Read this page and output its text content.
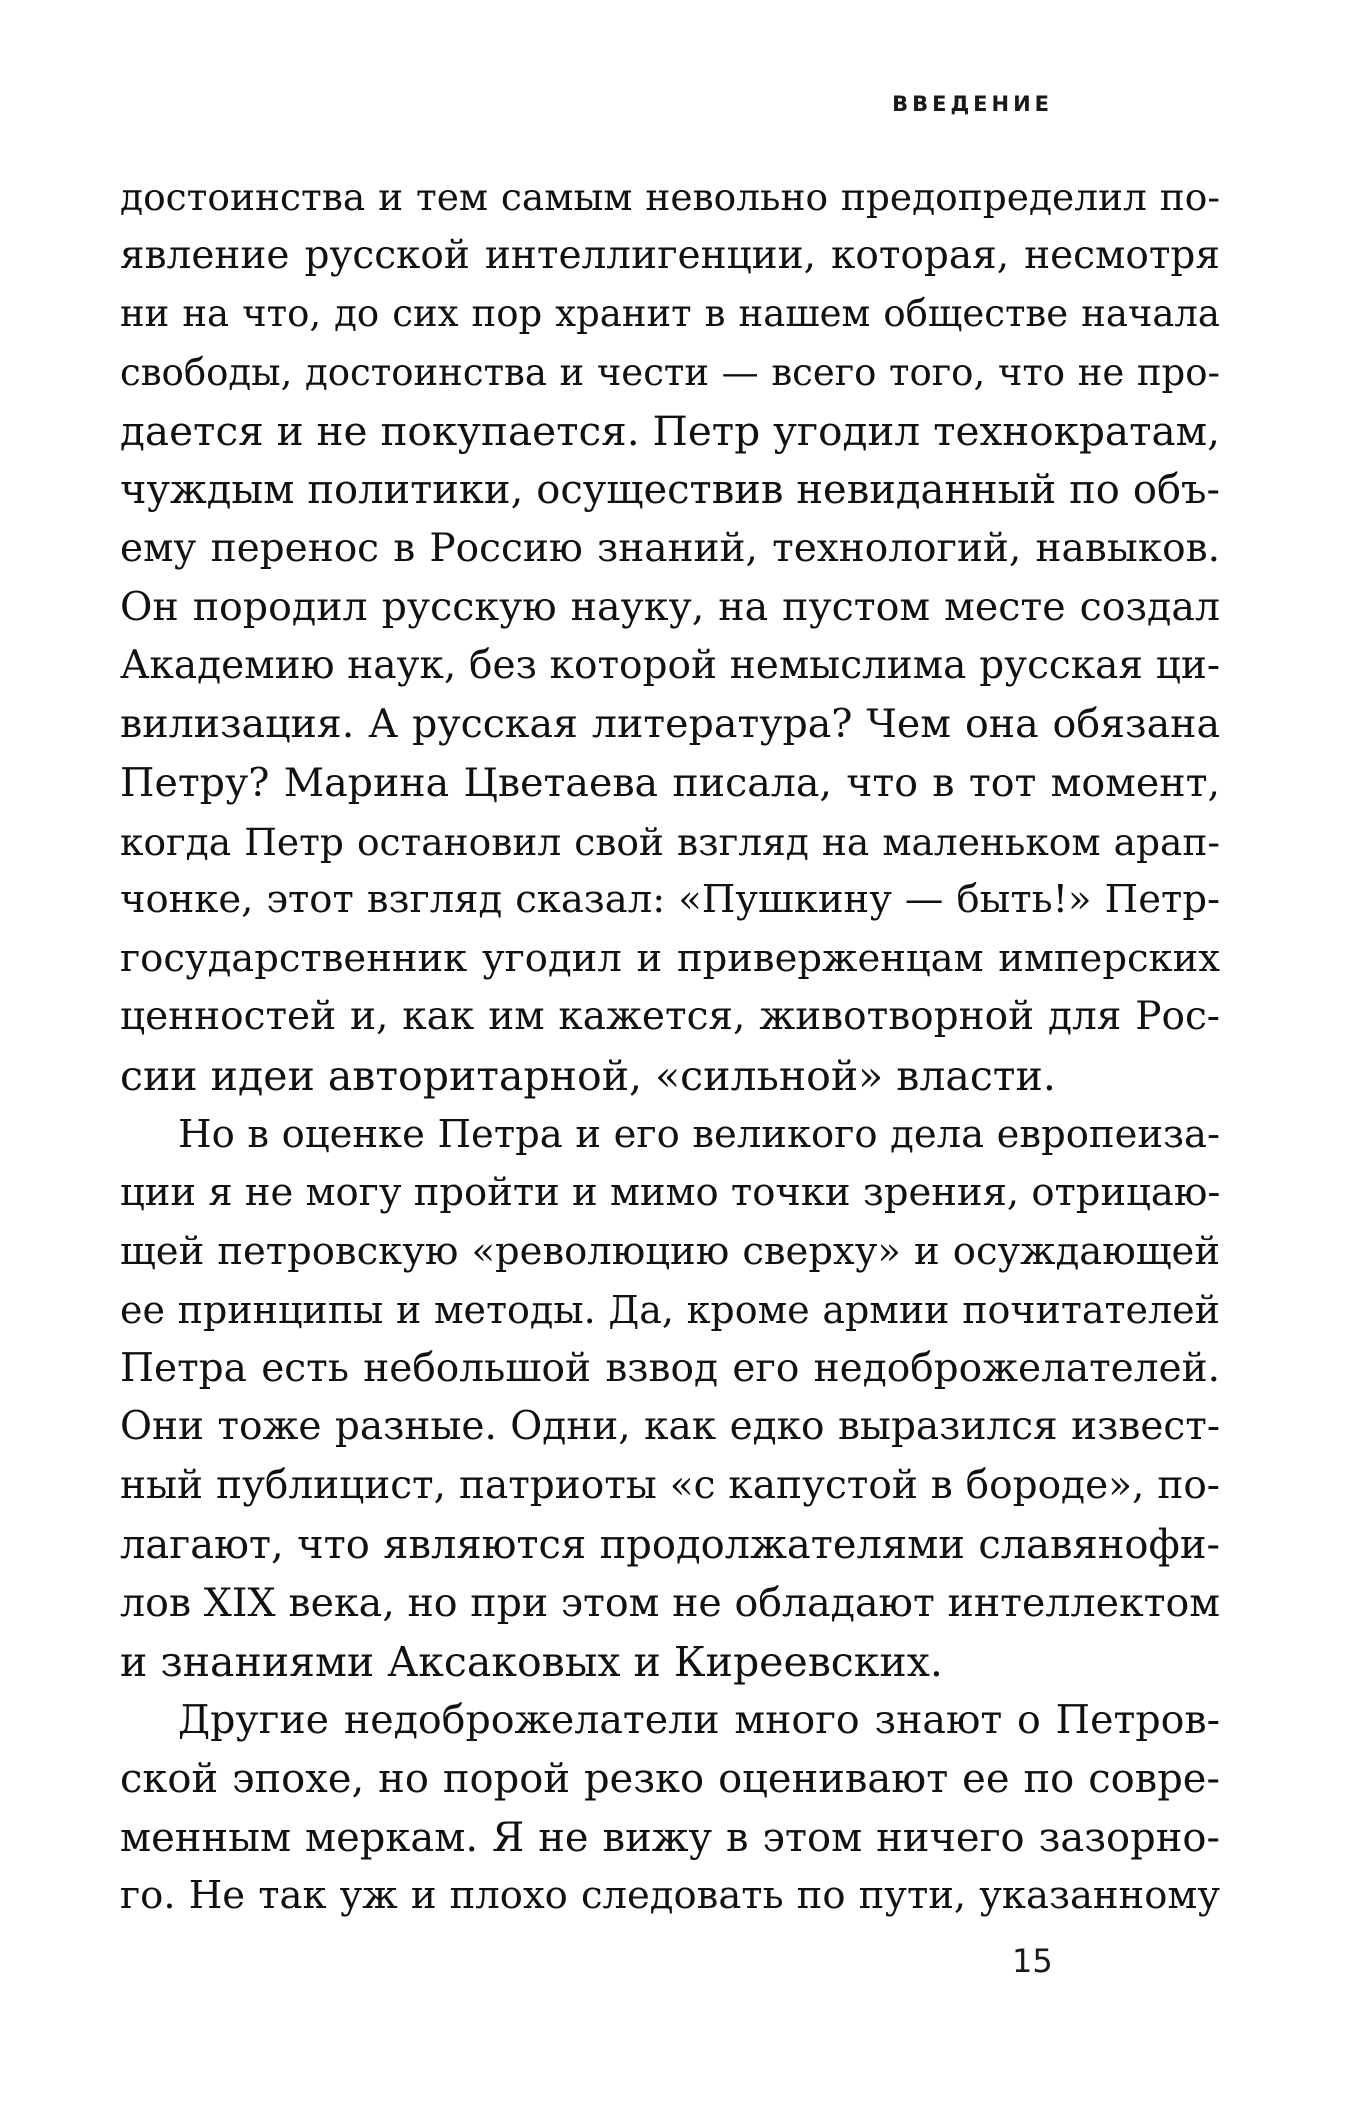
ВВЕДЕНИЕ
достоинства и тем самым невольно предопределил по-
явление русской интеллигенции, которая, несмотря
ни на что, до сих пор хранит в нашем обществе начала
свободы, достоинства и чести — всего того, что не про-
дается и не покупается. Петр угодил технократам,
чуждым политики, осуществив невиданный по объ-
ему перенос в Россию знаний, технологий, навыков.
Он породил русскую науку, на пустом месте создал
Академию наук, без которой немыслима русская ци-
вилизация. А русская литература? Чем она обязана
Петру? Марина Цветаева писала, что в тот момент,
когда Петр остановил свой взгляд на маленьком арап-
чонке, этот взгляд сказал: «Пушкину — быть!» Петр-
государственник угодил и приверженцам имперских
ценностей и, как им кажется, животворной для Рос-
сии идеи авторитарной, «сильной» власти.
Но в оценке Петра и его великого дела европеиза-
ции я не могу пройти и мимо точки зрения, отрицаю-
щей петровскую «революцию сверху» и осуждающей
ее принципы и методы. Да, кроме армии почитателей
Петра есть небольшой взвод его недоброжелателей.
Они тоже разные. Одни, как едко выразился извест-
ный публицист, патриоты «с капустой в бороде», по-
лагают, что являются продолжателями славянофи-
лов XIX века, но при этом не обладают интеллектом
и знаниями Аксаковых и Киреевских.
Другие недоброжелатели много знают о Петров-
ской эпохе, но порой резко оценивают ее по совре-
менным меркам. Я не вижу в этом ничего зазорно-
го. Не так уж и плохо следовать по пути, указанному
15
